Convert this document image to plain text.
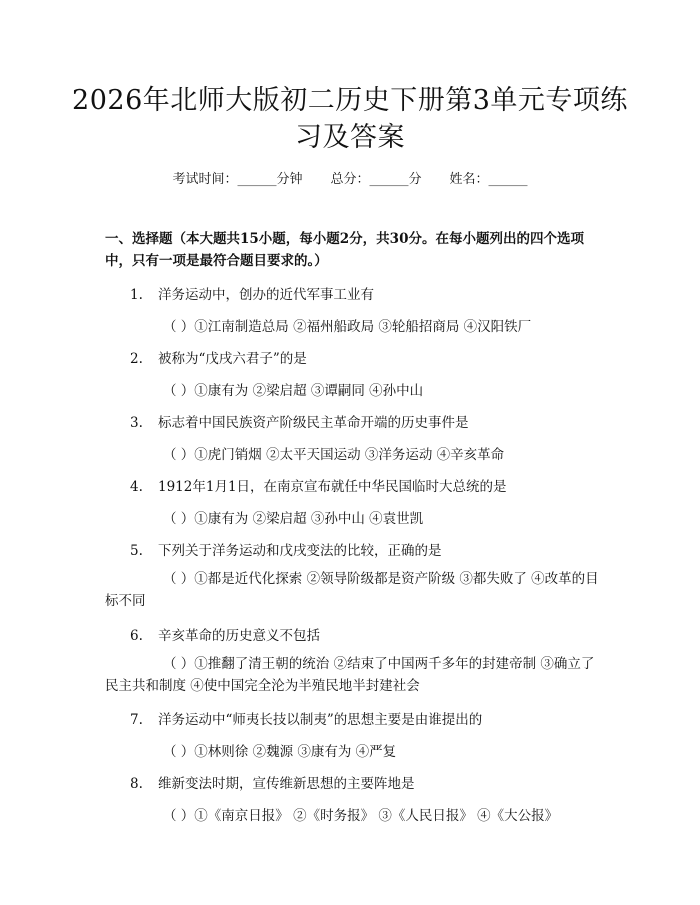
2026年北师大版初二历史下册第3单元专项练习及答案
考试时间：______分钟 总分：______分 姓名：______
一、选择题（本大题共15小题，每小题2分，共30分。在每小题列出的四个选项中，只有一项是最符合题目要求的。）
1. 洋务运动中，创办的近代军事工业有
（ ）①江南制造总局 ②福州船政局 ③轮船招商局 ④汉阳铁厂
2. 被称为“戊戌六君子”的是
（ ）①康有为 ②梁启超 ③谭嗣同 ④孙中山
3. 标志着中国民族资产阶级民主革命开端的历史事件是
（ ）①虎门销烟 ②太平天国运动 ③洋务运动 ④辛亥革命
4. 1912年1月1日，在南京宣布就任中华民国临时大总统的是
（ ）①康有为 ②梁启超 ③孙中山 ④袁世凯
5. 下列关于洋务运动和戊戌变法的比较，正确的是
（ ）①都是近代化探索 ②领导阶级都是资产阶级 ③都失败了 ④改革的目标不同
6. 辛亥革命的历史意义不包括
（ ）①推翻了清王朝的统治 ②结束了中国两千多年的封建帝制 ③确立了民主共和制度 ④使中国完全沦为半殖民地半封建社会
7. 洋务运动中“师夷长技以制夷”的思想主要是由谁提出的
（ ）①林则徐 ②魏源 ③康有为 ④严复
8. 维新变法时期，宣传维新思想的主要阵地是
（ ）①《南京日报》 ②《时务报》 ③《人民日报》 ④《大公报》
